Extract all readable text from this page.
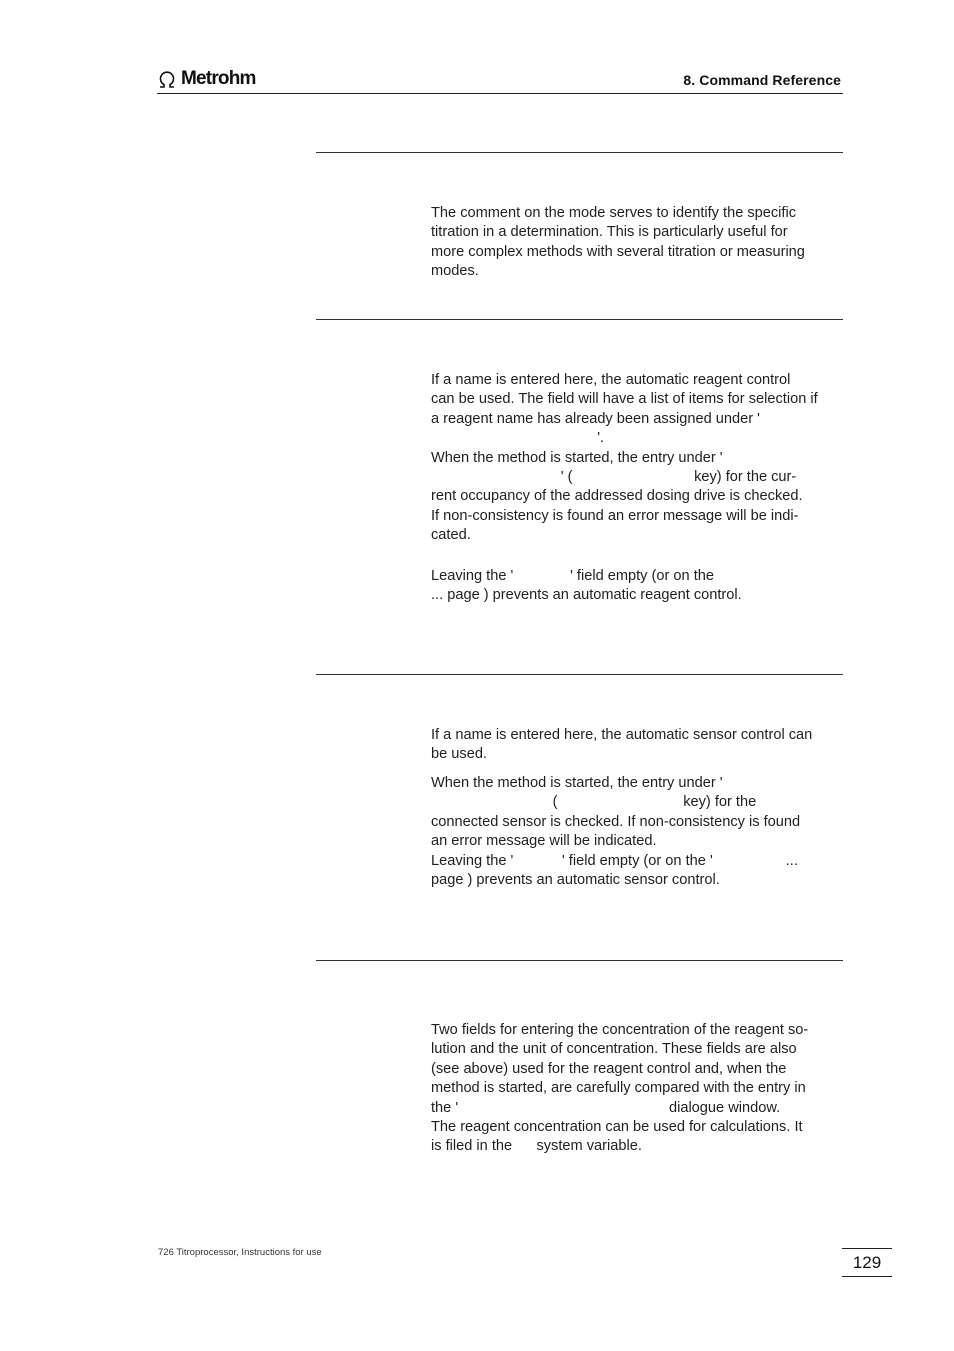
Metrohm	8. Command Reference
The comment on the mode serves to identify the specific
titration in a determination. This is particularly useful for
more complex methods with several titration or measuring
modes.
If a name is entered here, the automatic reagent control
can be used. The field will have a list of items for selection if
a reagent name has already been assigned under '
'.
When the method is started, the entry under '
' (                              key) for the cur-
rent occupancy of the addressed dosing drive is checked.
If non-consistency is found an error message will be indi-
cated.
Leaving the '              ' field empty (or on the
... page ) prevents an automatic reagent control.
If a name is entered here, the automatic sensor control can
be used.
When the method is started, the entry under '
(                               key) for the
connected sensor is checked. If non-consistency is found
an error message will be indicated.
Leaving the '            ' field empty (or on the '                  ...
page ) prevents an automatic sensor control.
Two fields for entering the concentration of the reagent so-
lution and the unit of concentration. These fields are also
(see above) used for the reagent control and, when the
method is started, are carefully compared with the entry in
the '                                                    dialogue window.
The reagent concentration can be used for calculations. It
is filed in the      system variable.
726 Titroprocessor, Instructions for use
129
